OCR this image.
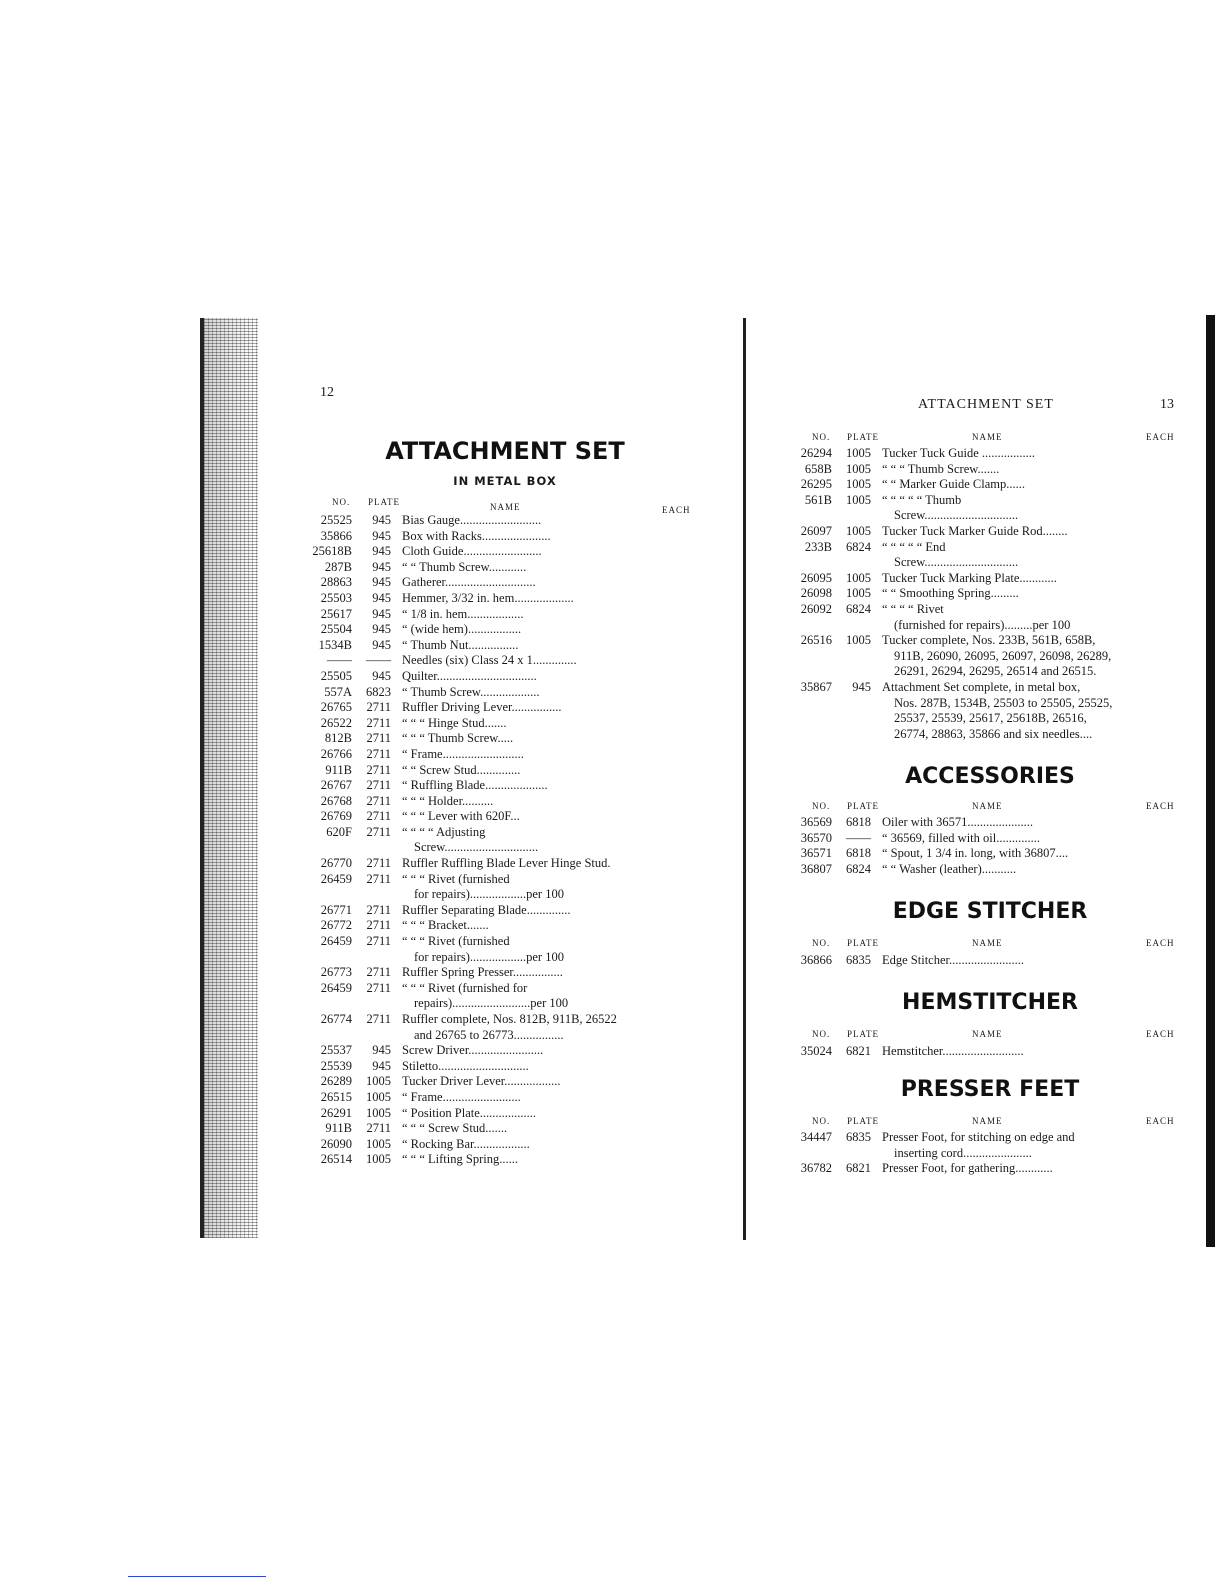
12
ATTACHMENT SET
IN METAL BOX
NO. PLATE	NAME	EACH
25525	945 Bias Gauge..........................
35866	945 Box with Racks......................
25618B	945 Cloth Guide.........................
287B	945 “ “ Thumb Screw............
28863	945 Gatherer.............................
25503	945 Hemmer, 3/32 in. hem...................
25617	945 “ 1/8 in. hem..................
25504	945 “ (wide hem).................
1534B	945 “ Thumb Nut................
——	—— Needles (six) Class 24 x 1..............
25505	945 Quilter................................
557A	6823 “ Thumb Screw...................
26765	2711 Ruffler Driving Lever................
26522	2711 “ “ “ Hinge Stud.......
812B	2711 “ “ “ Thumb Screw.....
26766	2711 “ Frame..........................
911B	2711 “ “ Screw Stud..............
26767	2711 “ Ruffling Blade....................
26768	2711 “ “ “ Holder..........
26769	2711 “ “ “ Lever with 620F...
620F	2711 “ “ “ “ Adjusting
Screw..............................
26770	2711 Ruffler Ruffling Blade Lever Hinge Stud.
26459	2711 “ “ “ Rivet (furnished
for repairs)..................per 100
26771	2711 Ruffler Separating Blade..............
26772	2711 “ “ “ Bracket.......
26459	2711 “ “ “ Rivet (furnished
for repairs)..................per 100
26773	2711 Ruffler Spring Presser................
26459	2711 “ “ “ Rivet (furnished for
repairs).........................per 100
26774	2711 Ruffler complete, Nos. 812B, 911B, 26522
and 26765 to 26773................
25537	945 Screw Driver........................
25539	945 Stiletto.............................
26289	1005 Tucker Driver Lever..................
26515	1005 “ Frame.........................
26291	1005 “ Position Plate..................
911B	2711 “ “ “ Screw Stud.......
26090	1005 “ Rocking Bar..................
26514	1005 “ “ “ Lifting Spring......
ATTACHMENT SET	13
NO. PLATE	NAME	EACH
26294	1005 Tucker Tuck Guide .................
658B	1005 “ “ “ Thumb Screw.......
26295	1005 “ “ Marker Guide Clamp......
561B	1005 “ “ “ “ “ Thumb
Screw..............................
26097	1005 Tucker Tuck Marker Guide Rod........
233B	6824 “ “ “ “ “ End
Screw..............................
26095	1005 Tucker Tuck Marking Plate............
26098	1005 “ “ Smoothing Spring.........
26092	6824 “ “ “ “ Rivet
(furnished for repairs).........per 100
26516	1005 Tucker complete, Nos. 233B, 561B, 658B,
911B, 26090, 26095, 26097, 26098, 26289,
26291, 26294, 26295, 26514 and 26515.
35867	945 Attachment Set complete, in metal box,
Nos. 287B, 1534B, 25503 to 25505, 25525,
25537, 25539, 25617, 25618B, 26516,
26774, 28863, 35866 and six needles....
ACCESSORIES
NO. PLATE	NAME	EACH
36569	6818 Oiler with 36571.....................
36570	—— “ 36569, filled with oil..............
36571	6818 “ Spout, 1 3/4 in. long, with 36807....
36807	6824 “ “ Washer (leather)...........
EDGE STITCHER
NO. PLATE	NAME	EACH
36866	6835 Edge Stitcher........................
HEMSTITCHER
NO. PLATE	NAME	EACH
35024	6821 Hemstitcher..........................
PRESSER FEET
NO. PLATE	NAME	EACH
34447	6835 Presser Foot, for stitching on edge and
inserting cord......................
36782	6821 Presser Foot, for gathering............
